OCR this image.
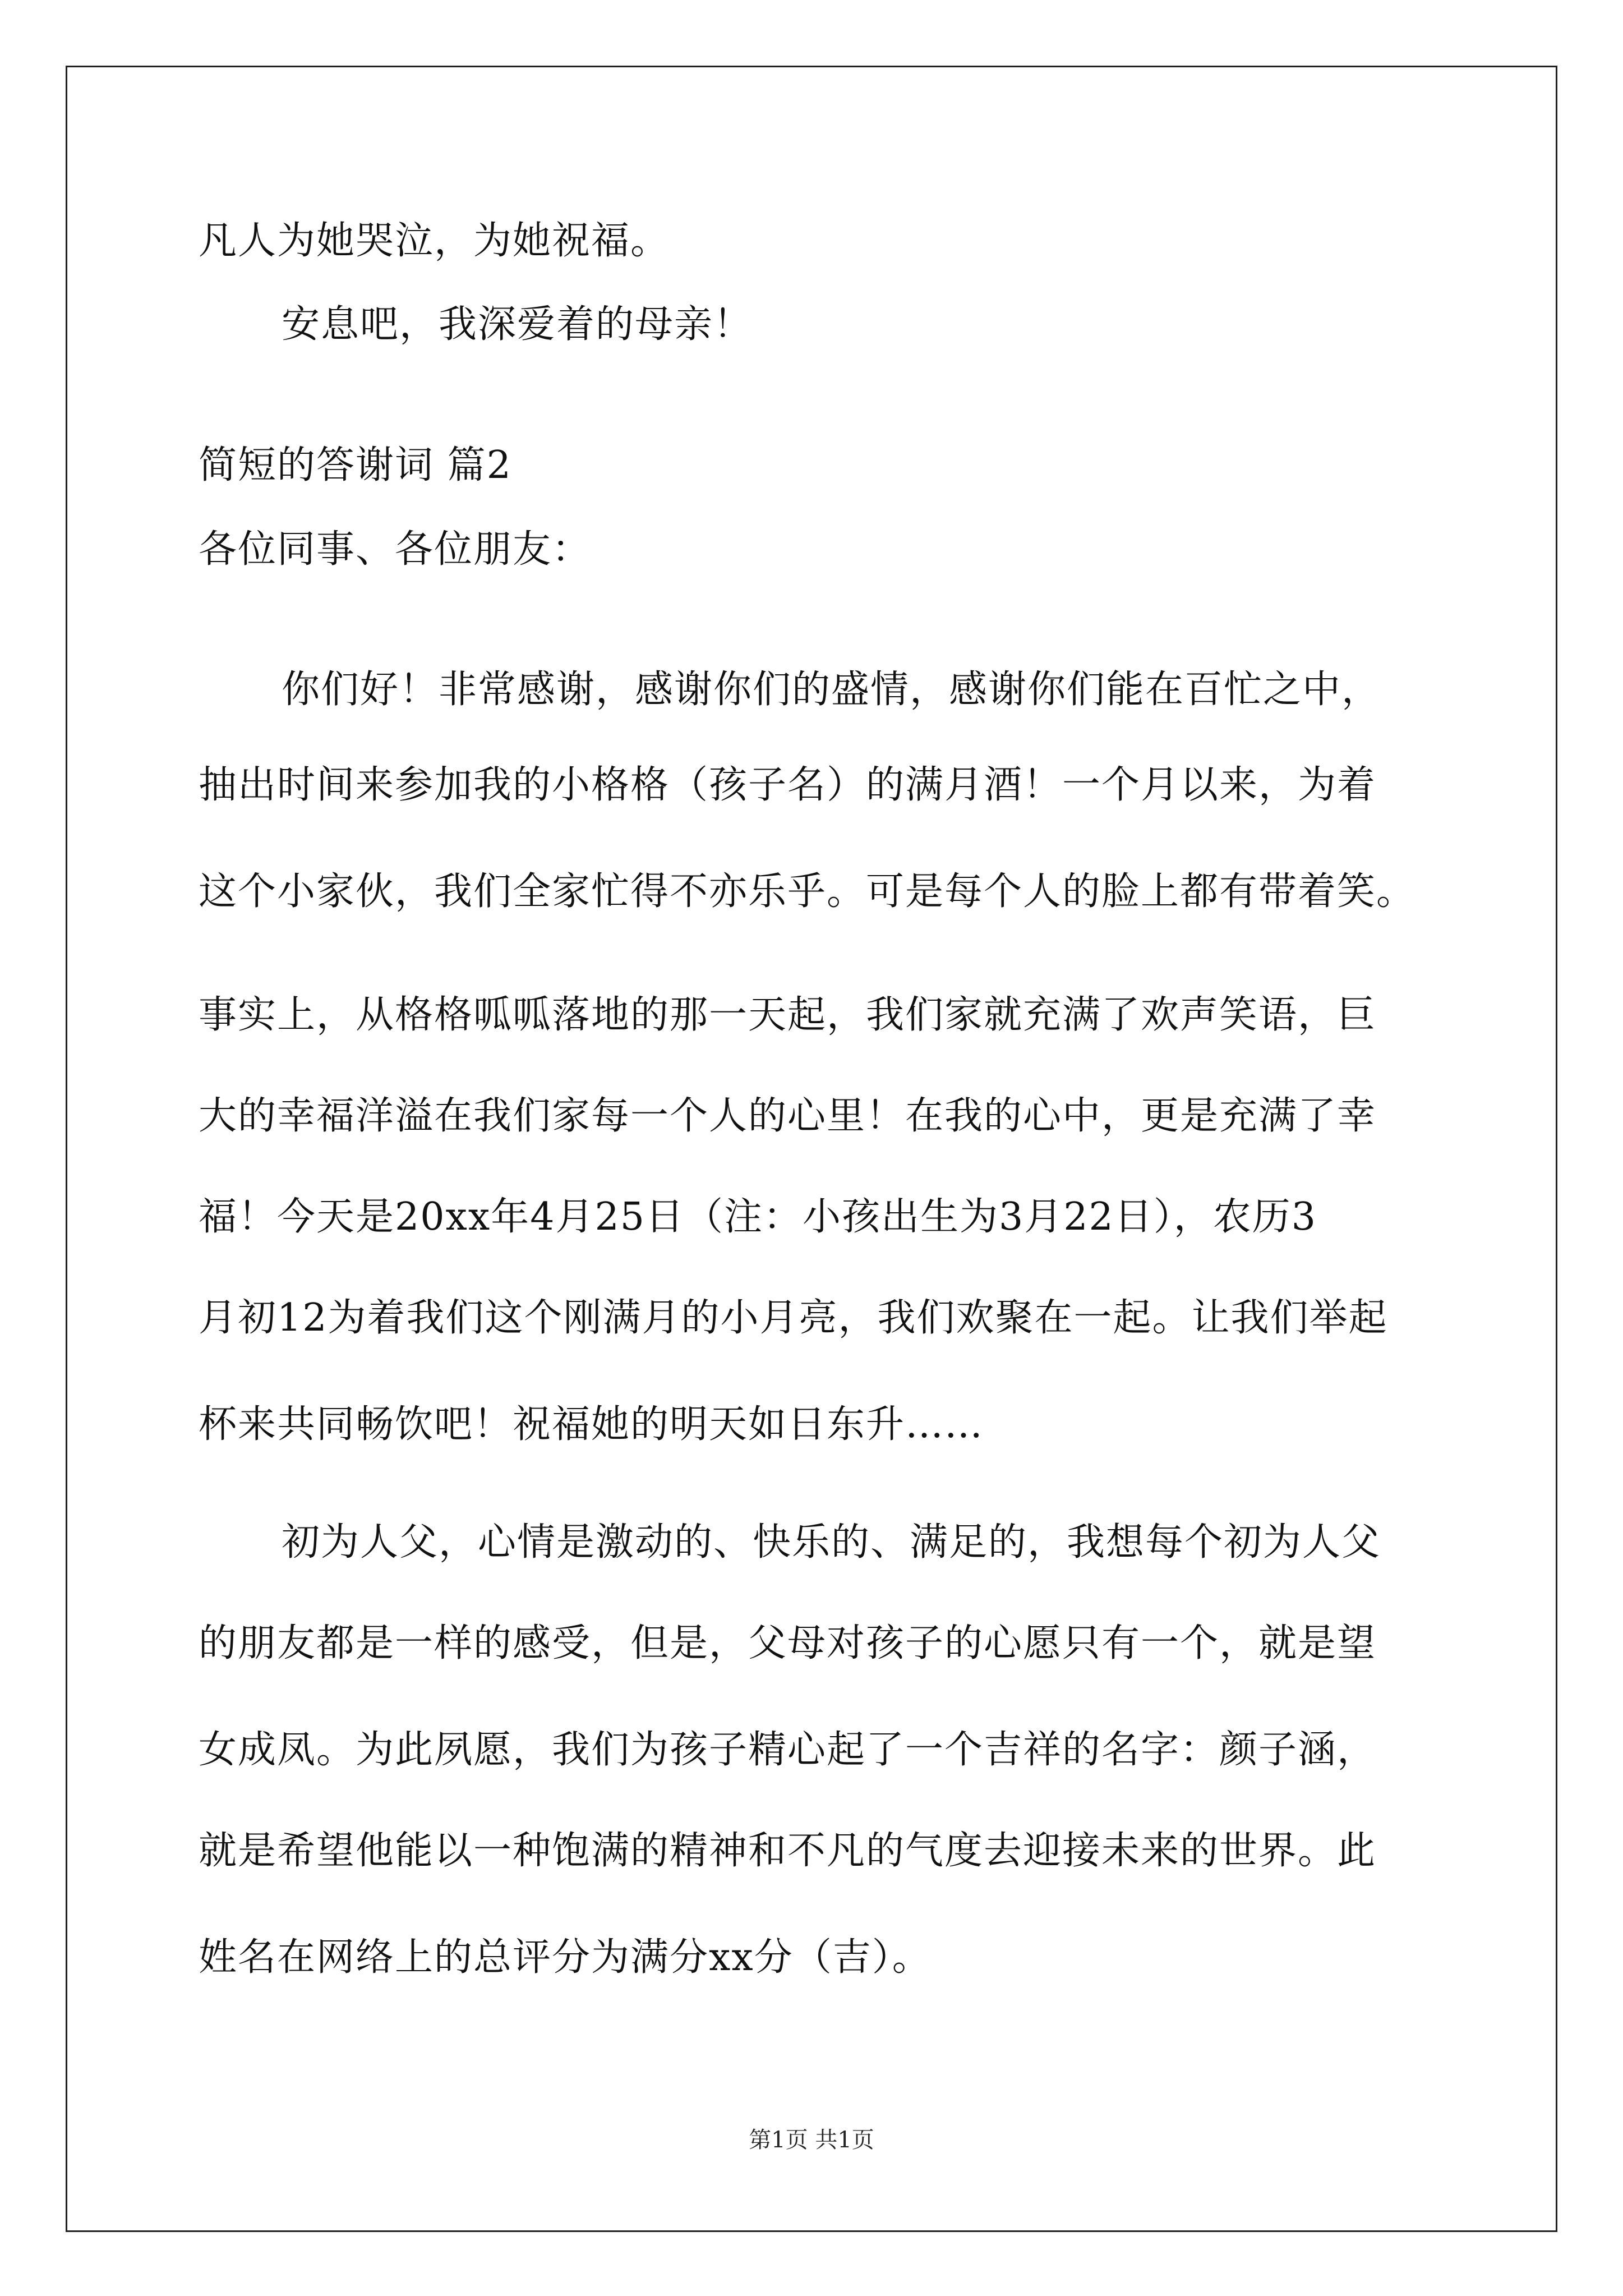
凡人为她哭泣，为她祝福。
安息吧，我深爱着的母亲！
简短的答谢词 篇2
各位同事、各位朋友：
你们好！非常感谢，感谢你们的盛情，感谢你们能在百忙之中，
抽出时间来参加我的小格格（孩子名）的满月酒！一个月以来，为着
这个小家伙，我们全家忙得不亦乐乎。可是每个人的脸上都有带着笑。
事实上，从格格呱呱落地的那一天起，我们家就充满了欢声笑语，巨
大的幸福洋溢在我们家每一个人的心里！在我的心中，更是充满了幸
福！今天是20xx年4月25日（注：小孩出生为3月22日），农历3
月初12为着我们这个刚满月的小月亮，我们欢聚在一起。让我们举起
杯来共同畅饮吧！祝福她的明天如日东升……
初为人父，心情是激动的、快乐的、满足的，我想每个初为人父
的朋友都是一样的感受，但是，父母对孩子的心愿只有一个，就是望
女成凤。为此夙愿，我们为孩子精心起了一个吉祥的名字：颜子涵，
就是希望他能以一种饱满的精神和不凡的气度去迎接未来的世界。此
姓名在网络上的总评分为满分xx分（吉）。
第1页 共1页
